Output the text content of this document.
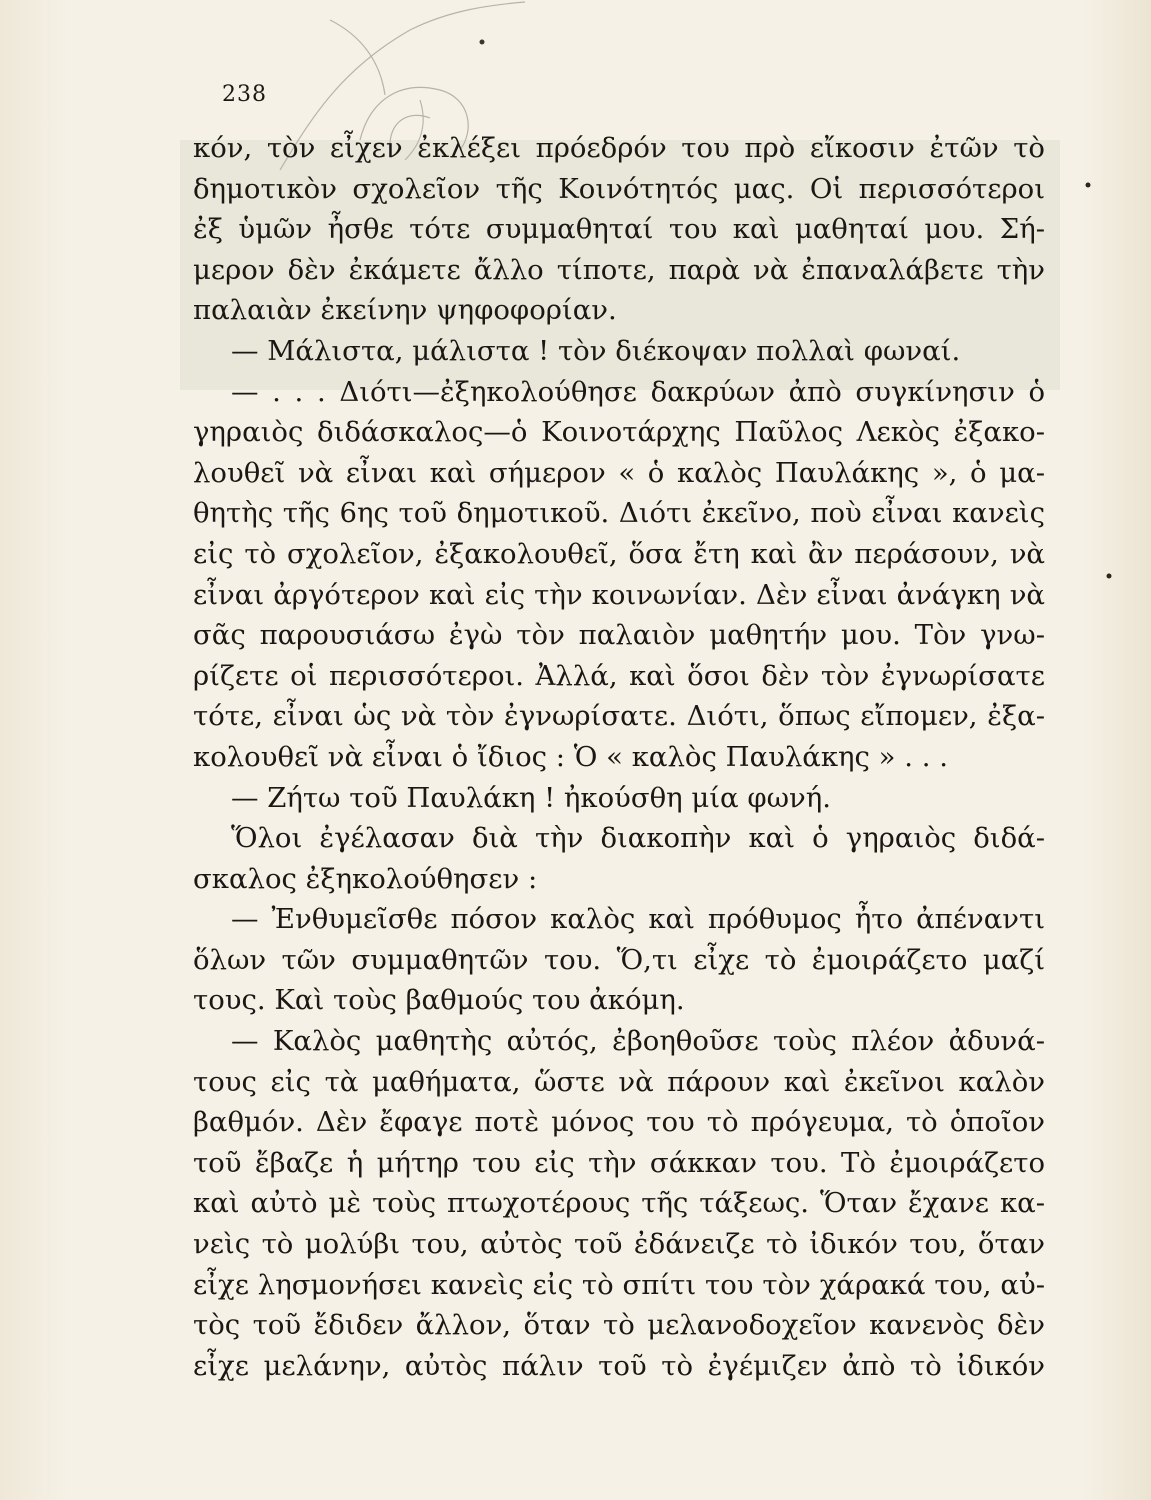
238
κόν, τὸν εἶχεν ἐκλέξει πρόεδρόν του πρὸ εἴκοσιν ἐτῶν τὸ
δημοτικὸν σχολεῖον τῆς Κοινότητός μας. Οἱ περισσότεροι
ἐξ ὑμῶν ἦσθε τότε συμμαθηταί του καὶ μαθηταί μου. Σή-
μερον δὲν ἐκάμετε ἄλλο τίποτε, παρὰ νὰ ἐπαναλάβετε τὴν
παλαιὰν ἐκείνην ψηφοφορίαν.
— Μάλιστα, μάλιστα ! τὸν διέκοψαν πολλαὶ φωναί.
— . . . Διότι—ἐξηκολούθησε δακρύων ἀπὸ συγκίνησιν ὁ
γηραιὸς διδάσκαλος—ὁ Κοινοτάρχης Παῦλος Λεκὸς ἐξακο-
λουθεῖ νὰ εἶναι καὶ σήμερον « ὁ καλὸς Παυλάκης », ὁ μα-
θητὴς τῆς 6ης τοῦ δημοτικοῦ. Διότι ἐκεῖνο, ποὺ εἶναι κανεὶς
εἰς τὸ σχολεῖον, ἐξακολουθεῖ, ὅσα ἔτη καὶ ἂν περάσουν, νὰ
εἶναι ἀργότερον καὶ εἰς τὴν κοινωνίαν. Δὲν εἶναι ἀνάγκη νὰ
σᾶς παρουσιάσω ἐγὼ τὸν παλαιὸν μαθητήν μου. Τὸν γνω-
ρίζετε οἱ περισσότεροι. Ἀλλά, καὶ ὅσοι δὲν τὸν ἐγνωρίσατε
τότε, εἶναι ὡς νὰ τὸν ἐγνωρίσατε. Διότι, ὅπως εἴπομεν, ἐξα-
κολουθεῖ νὰ εἶναι ὁ ἴδιος : Ὁ « καλὸς Παυλάκης » . . .
— Ζήτω τοῦ Παυλάκη ! ἠκούσθη μία φωνή.
Ὅλοι ἐγέλασαν διὰ τὴν διακοπὴν καὶ ὁ γηραιὸς διδά-
σκαλος ἐξηκολούθησεν :
— Ἐνθυμεῖσθε πόσον καλὸς καὶ πρόθυμος ἦτο ἀπέναντι
ὅλων τῶν συμμαθητῶν του. Ὅ,τι εἶχε τὸ ἐμοιράζετο μαζί
τους. Καὶ τοὺς βαθμούς του ἀκόμη.
— Καλὸς μαθητὴς αὐτός, ἐβοηθοῦσε τοὺς πλέον ἀδυνά-
τους εἰς τὰ μαθήματα, ὥστε νὰ πάρουν καὶ ἐκεῖνοι καλὸν
βαθμόν. Δὲν ἔφαγε ποτὲ μόνος του τὸ πρόγευμα, τὸ ὁποῖον
τοῦ ἔβαζε ἡ μήτηρ του εἰς τὴν σάκκαν του. Τὸ ἐμοιράζετο
καὶ αὐτὸ μὲ τοὺς πτωχοτέρους τῆς τάξεως. Ὅταν ἔχανε κα-
νεὶς τὸ μολύβι του, αὐτὸς τοῦ ἐδάνειζε τὸ ἰδικόν του, ὅταν
εἶχε λησμονήσει κανεὶς εἰς τὸ σπίτι του τὸν χάρακά του, αὐ-
τὸς τοῦ ἔδιδεν ἄλλον, ὅταν τὸ μελανοδοχεῖον κανενὸς δὲν
εἶχε μελάνην, αὐτὸς πάλιν τοῦ τὸ ἐγέμιζεν ἀπὸ τὸ ἰδικόν
